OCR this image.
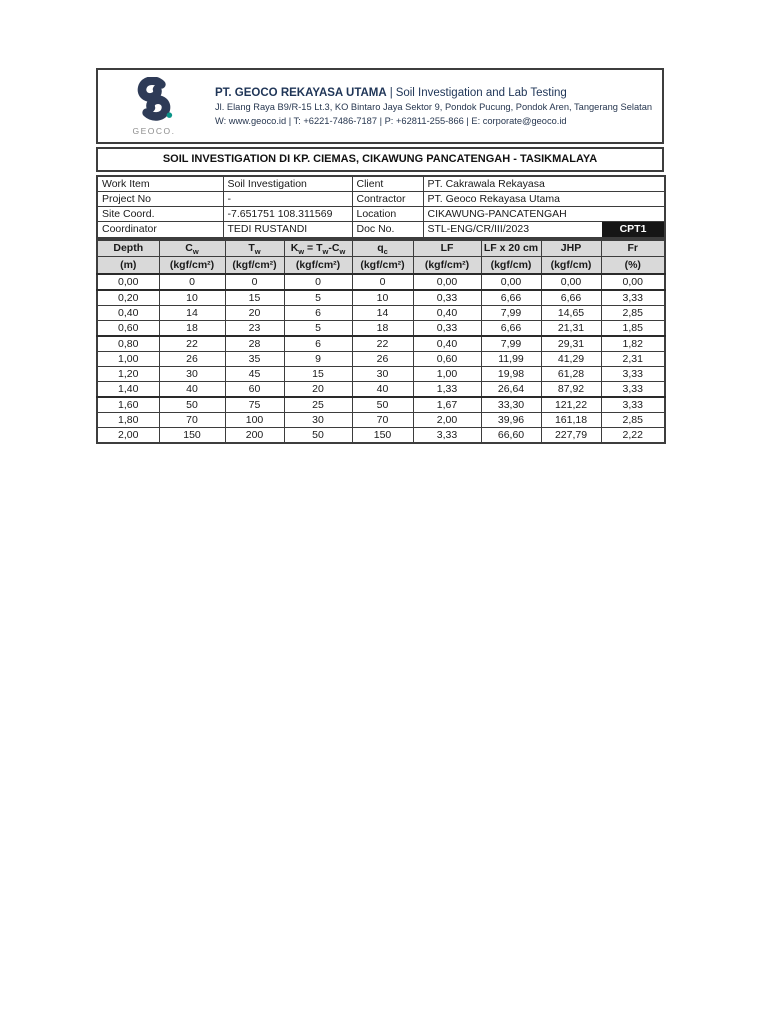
GEOCO.
PT. GEOCO REKAYASA UTAMA | Soil Investigation and Lab Testing
Jl. Elang Raya B9/R-15 Lt.3, KO Bintaro Jaya Sektor 9, Pondok Pucung, Pondok Aren, Tangerang Selatan
W: www.geoco.id | T: +6221-7486-7187 | P: +62811-255-866 | E: corporate@geoco.id
SOIL INVESTIGATION DI KP. CIEMAS, CIKAWUNG PANCATENGAH - TASIKMALAYA
Work Item	Soil Investigation	Client	PT. Cakrawala Rekayasa
Project No	-	Contractor	PT. Geoco Rekayasa Utama
Site Coord.	-7.651751 108.311569	Location	CIKAWUNG-PANCATENGAH
Coordinator	TEDI RUSTANDI	Doc No.	STL-ENG/CR/III/2023 CPT1
Depth	$C_w$	$T_w$	$K_w = T_w-C_w$	$q_c$	LF	LF x 20 cm	JHP	Fr
(m)	(kgf/cm²)	(kgf/cm²)	(kgf/cm²)	(kgf/cm²)	(kgf/cm²)	(kgf/cm)	(kgf/cm)	(%)
0,00	0	0	0	0	0,00	0,00	0,00	0,00
0,20	10	15	5	10	0,33	6,66	6,66	3,33
0,40	14	20	6	14	0,40	7,99	14,65	2,85
0,60	18	23	5	18	0,33	6,66	21,31	1,85
0,80	22	28	6	22	0,40	7,99	29,31	1,82
1,00	26	35	9	26	0,60	11,99	41,29	2,31
1,20	30	45	15	30	1,00	19,98	61,28	3,33
1,40	40	60	20	40	1,33	26,64	87,92	3,33
1,60	50	75	25	50	1,67	33,30	121,22	3,33
1,80	70	100	30	70	2,00	39,96	161,18	2,85
2,00	150	200	50	150	3,33	66,60	227,79	2,22
